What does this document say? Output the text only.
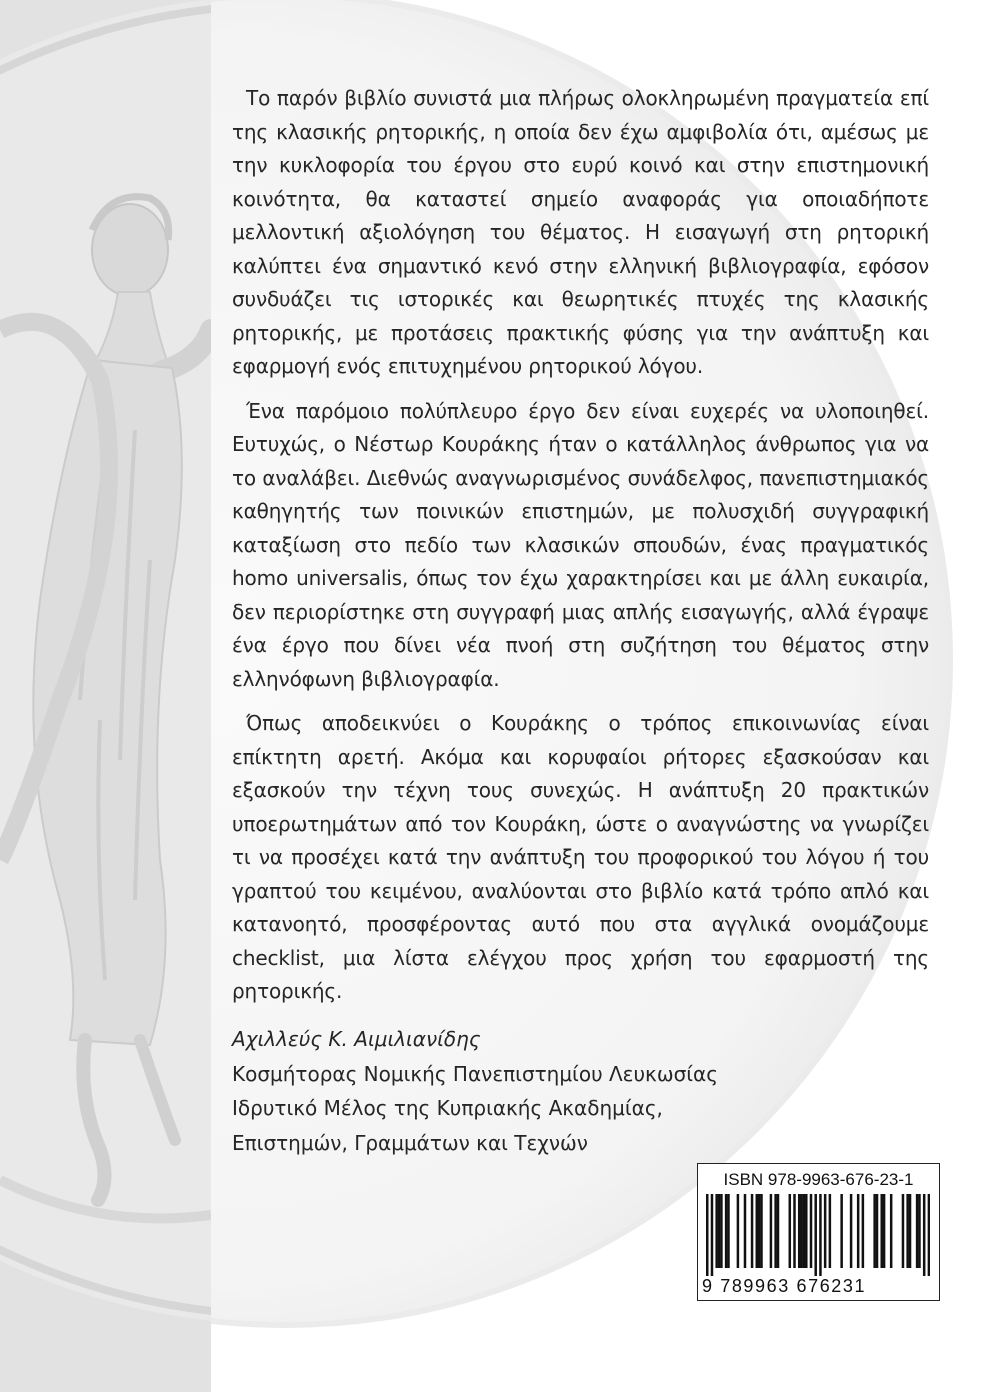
Το παρόν βιβλίο συνιστά μια πλήρως ολοκληρωμένη πραγματεία επί της κλασικής ρητορικής, η οποία δεν έχω αμφιβολία ότι, αμέσως με την κυκλοφορία του έργου στο ευρύ κοινό και στην επιστημονική κοινότητα, θα καταστεί σημείο αναφοράς για οποιαδήποτε μελλοντική αξιολόγηση του θέματος. Η εισαγωγή στη ρητορική καλύπτει ένα σημαντικό κενό στην ελληνική βιβλιογραφία, εφόσον συνδυάζει τις ιστορικές και θεωρητικές πτυχές της κλασικής ρητορικής, με προτάσεις πρακτικής φύσης για την ανάπτυξη και εφαρμογή ενός επιτυχημένου ρητορικού λόγου.

Ένα παρόμοιο πολύπλευρο έργο δεν είναι ευχερές να υλοποιηθεί. Ευτυχώς, ο Νέστωρ Κουράκης ήταν ο κατάλληλος άνθρωπος για να το αναλάβει. Διεθνώς αναγνωρισμένος συνάδελφος, πανεπιστημιακός καθηγητής των ποινικών επιστημών, με πολυσχιδή συγγραφική καταξίωση στο πεδίο των κλασικών σπουδών, ένας πραγματικός homo universalis, όπως τον έχω χαρακτηρίσει και με άλλη ευκαιρία, δεν περιορίστηκε στη συγγραφή μιας απλής εισαγωγής, αλλά έγραψε ένα έργο που δίνει νέα πνοή στη συζήτηση του θέματος στην ελληνόφωνη βιβλιογραφία.

Όπως αποδεικνύει ο Κουράκης ο τρόπος επικοινωνίας είναι επίκτητη αρετή. Ακόμα και κορυφαίοι ρήτορες εξασκούσαν και εξασκούν την τέχνη τους συνεχώς. Η ανάπτυξη 20 πρακτικών υποερωτημάτων από τον Κουράκη, ώστε ο αναγνώστης να γνωρίζει τι να προσέχει κατά την ανάπτυξη του προφορικού του λόγου ή του γραπτού του κειμένου, αναλύονται στο βιβλίο κατά τρόπο απλό και κατανοητό, προσφέροντας αυτό που στα αγγλικά ονομάζουμε checklist, μια λίστα ελέγχου προς χρήση του εφαρμοστή της ρητορικής.

Αχιλλεύς Κ. Αιμιλιανίδης
Κοσμήτορας Νομικής Πανεπιστημίου Λευκωσίας
Ιδρυτικό Μέλος της Κυπριακής Ακαδημίας,
Επιστημών, Γραμμάτων και Τεχνών
ISBN 978-9963-676-23-1
9 789963 676231
